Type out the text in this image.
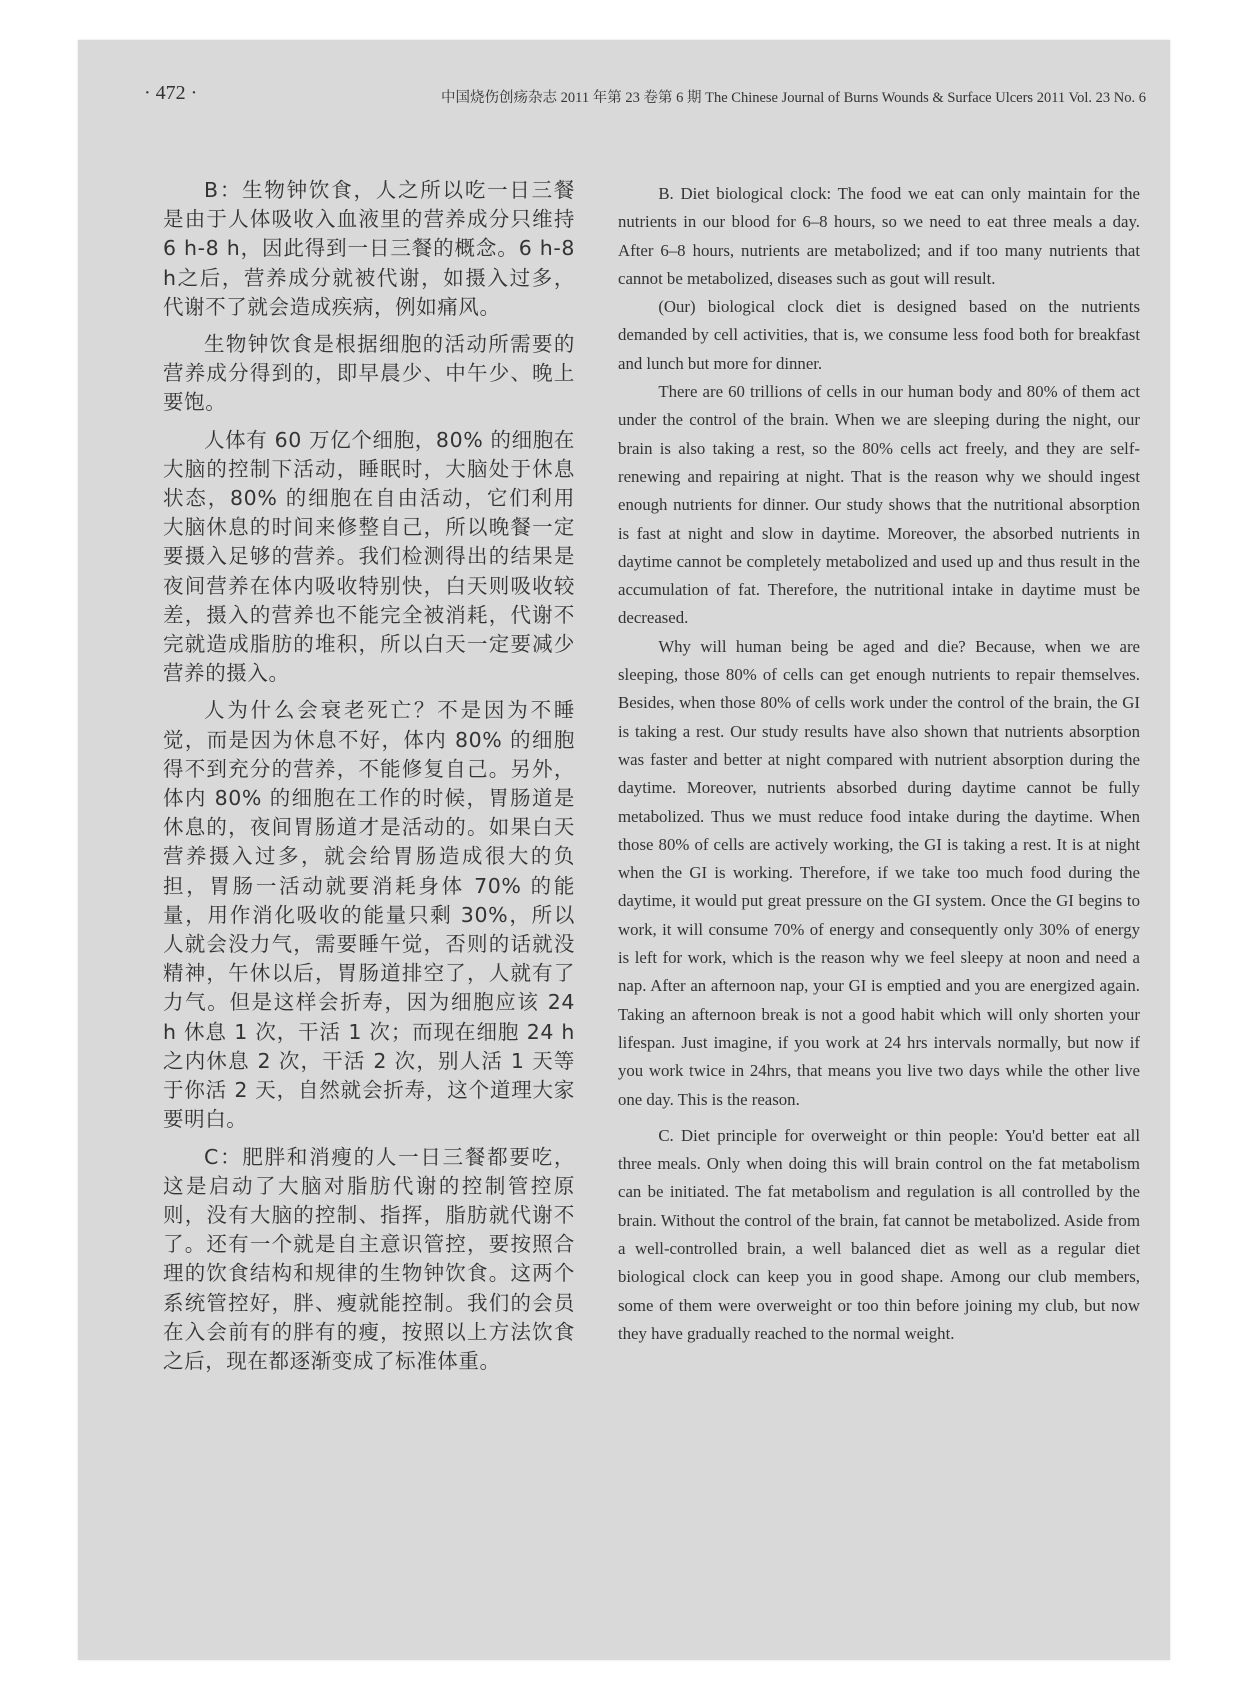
· 472 ·	中国烧伤创疡杂志 2011 年第 23 卷第 6 期 The Chinese Journal of Burns Wounds & Surface Ulcers 2011 Vol. 23 No. 6

B：生物钟饮食，人之所以吃一日三餐是由于人体吸收入血液里的营养成分只维持 6 h-8 h，因此得到一日三餐的概念。6 h-8 h之后，营养成分就被代谢，如摄入过多，代谢不了就会造成疾病，例如痛风。

生物钟饮食是根据细胞的活动所需要的营养成分得到的，即早晨少、中午少、晚上要饱。

人体有 60 万亿个细胞，80% 的细胞在大脑的控制下活动，睡眠时，大脑处于休息状态，80% 的细胞在自由活动，它们利用大脑休息的时间来修整自己，所以晚餐一定要摄入足够的营养。我们检测得出的结果是夜间营养在体内吸收特别快，白天则吸收较差，摄入的营养也不能完全被消耗，代谢不完就造成脂肪的堆积，所以白天一定要减少营养的摄入。

人为什么会衰老死亡？不是因为不睡觉，而是因为休息不好，体内 80% 的细胞得不到充分的营养，不能修复自己。另外，体内 80% 的细胞在工作的时候，胃肠道是休息的，夜间胃肠道才是活动的。如果白天营养摄入过多，就会给胃肠造成很大的负担，胃肠一活动就要消耗身体 70% 的能量，用作消化吸收的能量只剩 30%，所以人就会没力气，需要睡午觉，否则的话就没精神，午休以后，胃肠道排空了，人就有了力气。但是这样会折寿，因为细胞应该 24 h 休息 1 次，干活 1 次；而现在细胞 24 h 之内休息 2 次，干活 2 次，别人活 1 天等于你活 2 天，自然就会折寿，这个道理大家要明白。

C：肥胖和消瘦的人一日三餐都要吃，这是启动了大脑对脂肪代谢的控制管控原则，没有大脑的控制、指挥，脂肪就代谢不了。还有一个就是自主意识管控，要按照合理的饮食结构和规律的生物钟饮食。这两个系统管控好，胖、瘦就能控制。我们的会员在入会前有的胖有的瘦，按照以上方法饮食之后，现在都逐渐变成了标准体重。

B. Diet biological clock: The food we eat can only maintain for the nutrients in our blood for 6–8 hours, so we need to eat three meals a day. After 6–8 hours, nutrients are metabolized; and if too many nutrients that cannot be metabolized, diseases such as gout will result.

(Our) biological clock diet is designed based on the nutrients demanded by cell activities, that is, we consume less food both for breakfast and lunch but more for dinner.

There are 60 trillions of cells in our human body and 80% of them act under the control of the brain. When we are sleeping during the night, our brain is also taking a rest, so the 80% cells act freely, and they are self-renewing and repairing at night. That is the reason why we should ingest enough nutrients for dinner. Our study shows that the nutritional absorption is fast at night and slow in daytime. Moreover, the absorbed nutrients in daytime cannot be completely metabolized and used up and thus result in the accumulation of fat. Therefore, the nutritional intake in daytime must be decreased.

Why will human being be aged and die? Because, when we are sleeping, those 80% of cells can get enough nutrients to repair themselves. Besides, when those 80% of cells work under the control of the brain, the GI is taking a rest. Our study results have also shown that nutrients absorption was faster and better at night compared with nutrient absorption during the daytime. Moreover, nutrients absorbed during daytime cannot be fully metabolized. Thus we must reduce food intake during the daytime. When those 80% of cells are actively working, the GI is taking a rest. It is at night when the GI is working. Therefore, if we take too much food during the daytime, it would put great pressure on the GI system. Once the GI begins to work, it will consume 70% of energy and consequently only 30% of energy is left for work, which is the reason why we feel sleepy at noon and need a nap. After an afternoon nap, your GI is emptied and you are energized again. Taking an afternoon break is not a good habit which will only shorten your lifespan. Just imagine, if you work at 24 hrs intervals normally, but now if you work twice in 24hrs, that means you live two days while the other live one day. This is the reason.

C. Diet principle for overweight or thin people: You'd better eat all three meals. Only when doing this will brain control on the fat metabolism can be initiated. The fat metabolism and regulation is all controlled by the brain. Without the control of the brain, fat cannot be metabolized. Aside from a well-controlled brain, a well balanced diet as well as a regular diet biological clock can keep you in good shape. Among our club members, some of them were overweight or too thin before joining my club, but now they have gradually reached to the normal weight.
